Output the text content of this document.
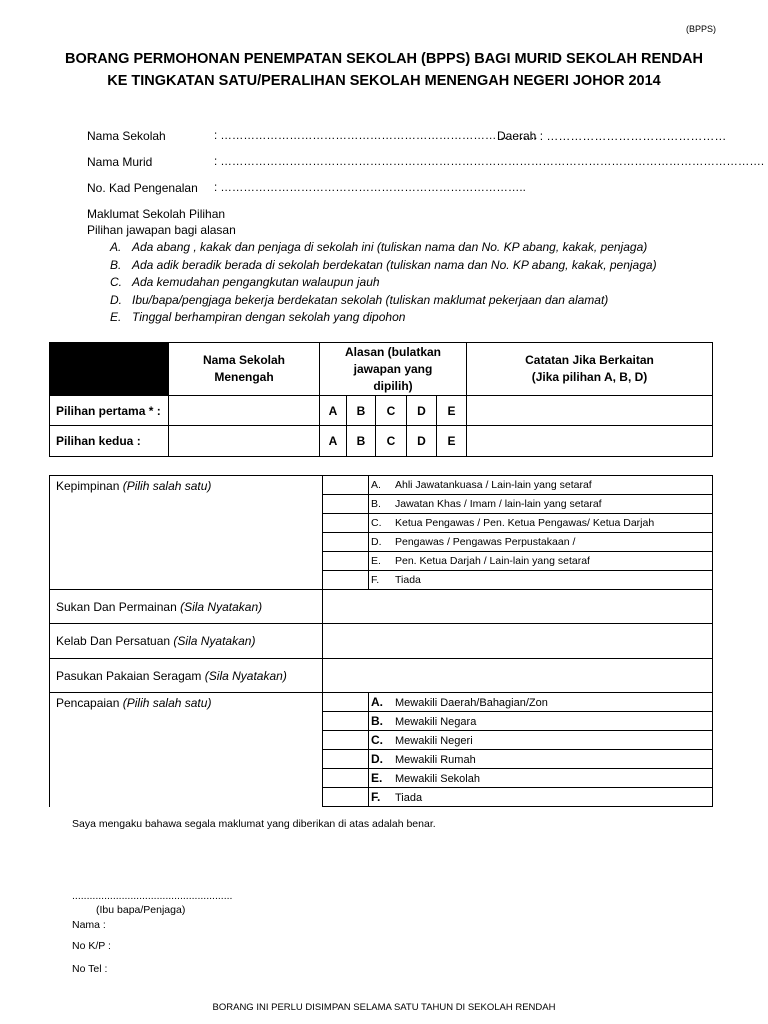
(BPPS)
BORANG PERMOHONAN PENEMPATAN SEKOLAH (BPPS) BAGI MURID SEKOLAH RENDAH
KE TINGKATAN SATU/PERALIHAN SEKOLAH MENENGAH NEGERI JOHOR 2014
Nama Sekolah	: ………………………………………………………………………..
Daerah : ………………………………………
Nama Murid	: …………………………………………………………………………………………………………………………….
No. Kad Pengenalan : ……………………………………………………………………..
Maklumat Sekolah Pilihan
Pilihan jawapan bagi alasan
A. Ada abang , kakak dan penjaga di sekolah ini (tuliskan nama dan No. KP abang, kakak, penjaga)
B. Ada adik beradik berada di sekolah berdekatan (tuliskan nama dan No. KP abang, kakak, penjaga)
C. Ada kemudahan pengangkutan walaupun jauh
D. Ibu/bapa/pengjaga bekerja berdekatan sekolah (tuliskan maklumat pekerjaan dan alamat)
E. Tinggal berhampiran dengan sekolah yang dipohon

	Nama Sekolah Menengah	Alasan (bulatkan jawapan yang dipilih)					Catatan Jika Berkaitan (Jika pilihan A, B, D)

Pilihan pertama * :		A	B	C	D	E	
Pilihan kedua :		A	B	C	D	E	
Kepimpinan (Pilih salah satu)		A. Ahli Jawatankuasa / Lain-lain yang setaraf
		B. Jawatan Khas / Imam / lain-lain yang setaraf
		C. Ketua Pengawas / Pen. Ketua Pengawas/ Ketua Darjah
		D. Pengawas / Pengawas Perpustakaan /
		E. Pen. Ketua Darjah / Lain-lain yang setaraf
		F. Tiada
Sukan Dan Permainan (Sila Nyatakan)		
Kelab Dan Persatuan (Sila Nyatakan)		
Pasukan Pakaian Seragam (Sila Nyatakan)		
Pencapaian (Pilih salah satu)		A. Mewakili Daerah/Bahagian/Zon
		B. Mewakili Negara
		C. Mewakili Negeri
		D. Mewakili Rumah
		E. Mewakili Sekolah
		F. Tiada
Saya mengaku bahawa segala maklumat yang diberikan di atas adalah benar.
.......................................................
(Ibu bapa/Penjaga)
Nama :
No K/P :
No Tel :
BORANG INI PERLU DISIMPAN SELAMA SATU TAHUN DI SEKOLAH RENDAH
